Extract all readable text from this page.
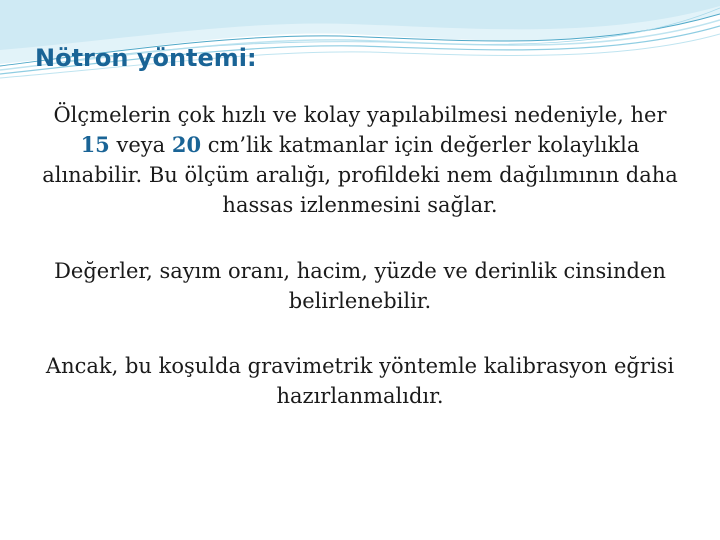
Nötron yöntemi:

Ölçmelerin çok hızlı ve kolay yapılabilmesi nedeniyle, her 15 veya 20 cm’lik katmanlar için değerler kolaylıkla alınabilir. Bu ölçüm aralığı, profildeki nem dağılımının daha hassas izlenmesini sağlar.

Değerler, sayım oranı, hacim, yüzde ve derinlik cinsinden belirlenebilir.

Ancak, bu koşulda gravimetrik yöntemle kalibrasyon eğrisi hazırlanmalıdır.
